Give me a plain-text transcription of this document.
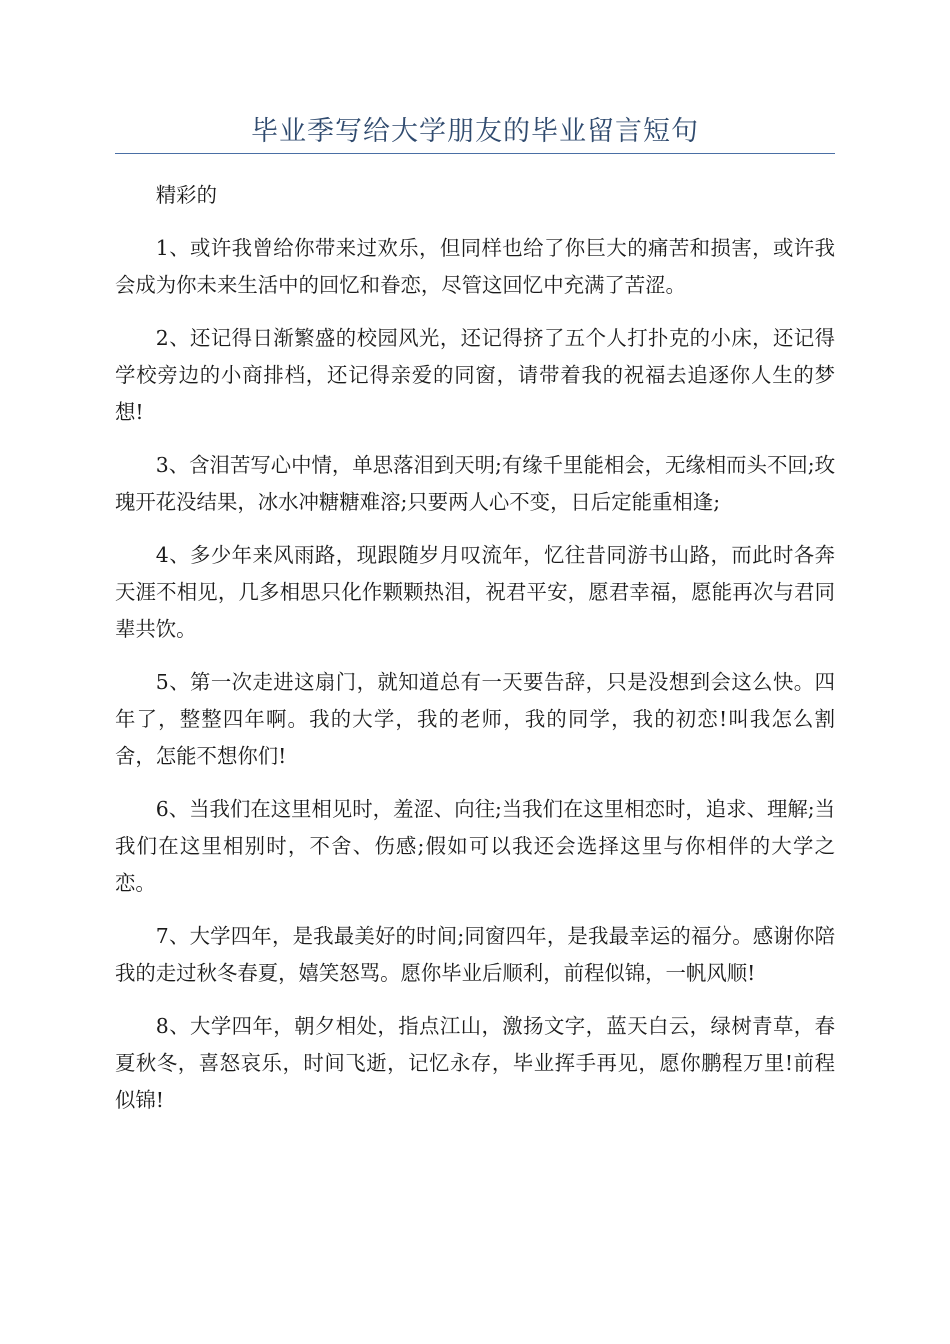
毕业季写给大学朋友的毕业留言短句

精彩的

1、或许我曾给你带来过欢乐，但同样也给了你巨大的痛苦和损害，或许我会成为你未来生活中的回忆和眷恋，尽管这回忆中充满了苦涩。

2、还记得日渐繁盛的校园风光，还记得挤了五个人打扑克的小床，还记得学校旁边的小商排档，还记得亲爱的同窗，请带着我的祝福去追逐你人生的梦想!

3、含泪苦写心中情，单思落泪到天明;有缘千里能相会，无缘相而头不回;玫瑰开花没结果，冰水冲糖糖难溶;只要两人心不变，日后定能重相逢;

4、多少年来风雨路，现跟随岁月叹流年，忆往昔同游书山路，而此时各奔天涯不相见，几多相思只化作颗颗热泪，祝君平安，愿君幸福，愿能再次与君同辈共饮。

5、第一次走进这扇门，就知道总有一天要告辞，只是没想到会这么快。四年了，整整四年啊。我的大学，我的老师，我的同学，我的初恋!叫我怎么割舍，怎能不想你们!

6、当我们在这里相见时，羞涩、向往;当我们在这里相恋时，追求、理解;当我们在这里相别时，不舍、伤感;假如可以我还会选择这里与你相伴的大学之恋。

7、大学四年，是我最美好的时间;同窗四年，是我最幸运的福分。感谢你陪我的走过秋冬春夏，嬉笑怒骂。愿你毕业后顺利，前程似锦，一帆风顺!

8、大学四年，朝夕相处，指点江山，激扬文字，蓝天白云，绿树青草，春夏秋冬，喜怒哀乐，时间飞逝，记忆永存，毕业挥手再见，愿你鹏程万里!前程似锦!
